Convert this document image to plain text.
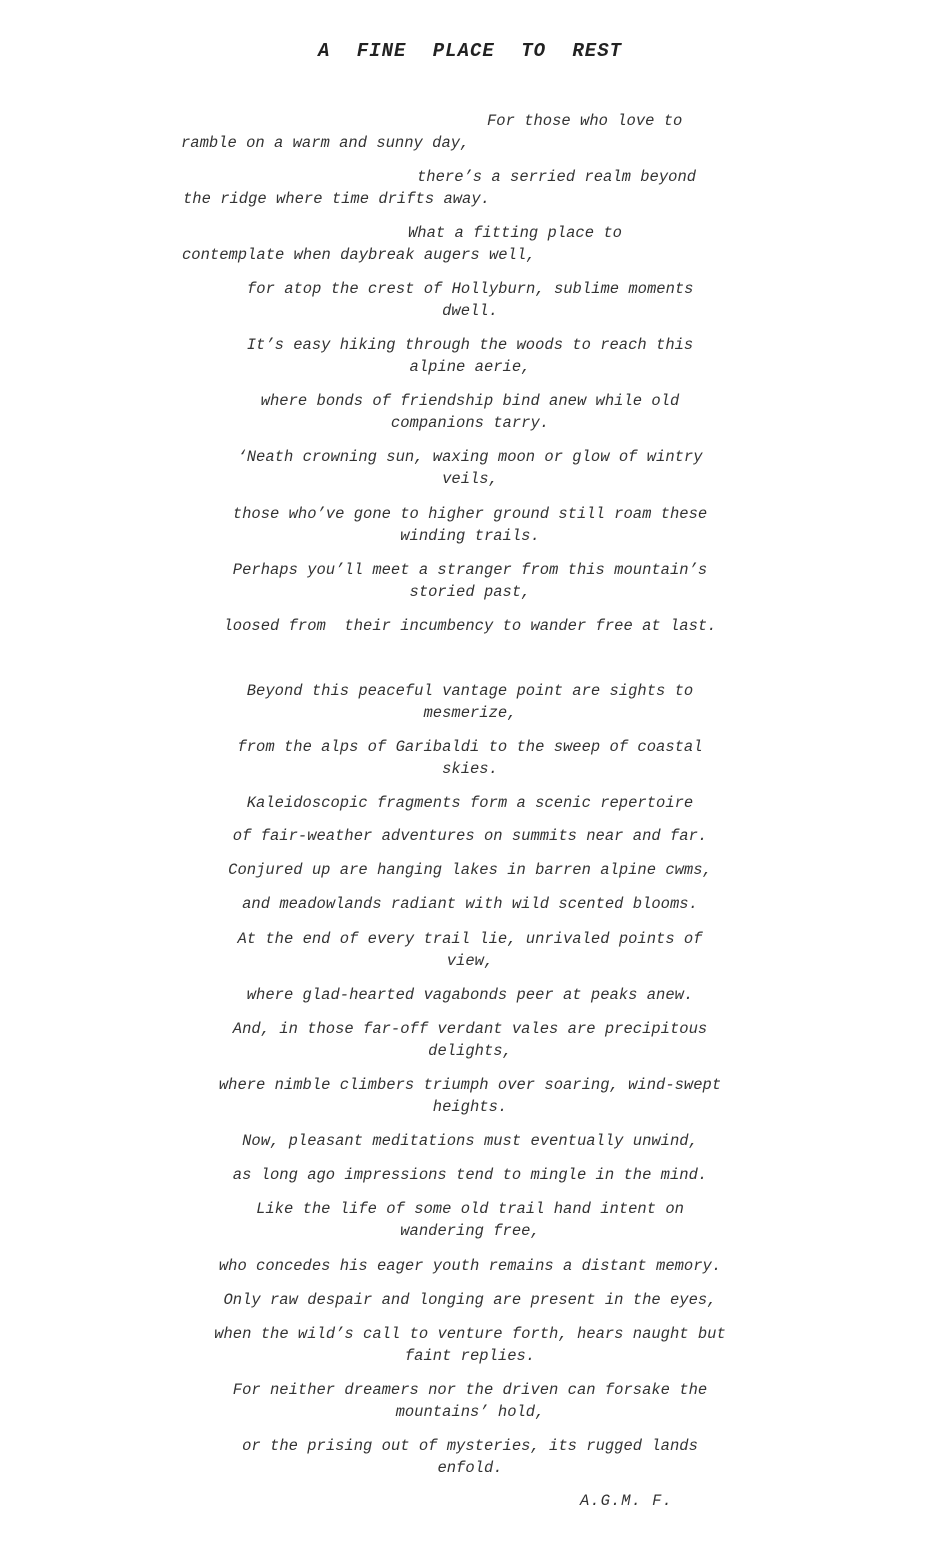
A FINE PLACE TO REST
For those who love to
ramble on a warm and sunny day,
there’s a serried realm beyond
the ridge where time drifts away.
What a fitting place to
contemplate when daybreak augers well,
for atop the crest of Hollyburn, sublime moments
dwell.
It’s easy hiking through the woods to reach this
alpine aerie,
where bonds of friendship bind anew while old
companions tarry.
‘Neath crowning sun, waxing moon or glow of wintry
veils,
those who’ve gone to higher ground still roam these
winding trails.
Perhaps you’ll meet a stranger from this mountain’s
storied past,
loosed from  their incumbency to wander free at last.
Beyond this peaceful vantage point are sights to
mesmerize,
from the alps of Garibaldi to the sweep of coastal
skies.
Kaleidoscopic fragments form a scenic repertoire
of fair-weather adventures on summits near and far.
Conjured up are hanging lakes in barren alpine cwms,
and meadowlands radiant with wild scented blooms.
At the end of every trail lie, unrivaled points of
view,
where glad-hearted vagabonds peer at peaks anew.
And, in those far-off verdant vales are precipitous
delights,
where nimble climbers triumph over soaring, wind-swept
heights.
Now, pleasant meditations must eventually unwind,
as long ago impressions tend to mingle in the mind.
Like the life of some old trail hand intent on
wandering free,
who concedes his eager youth remains a distant memory.
Only raw despair and longing are present in the eyes,
when the wild’s call to venture forth, hears naught but
faint replies.
For neither dreamers nor the driven can forsake the
mountains’ hold,
or the prising out of mysteries, its rugged lands
enfold.
A.G.M. F.
